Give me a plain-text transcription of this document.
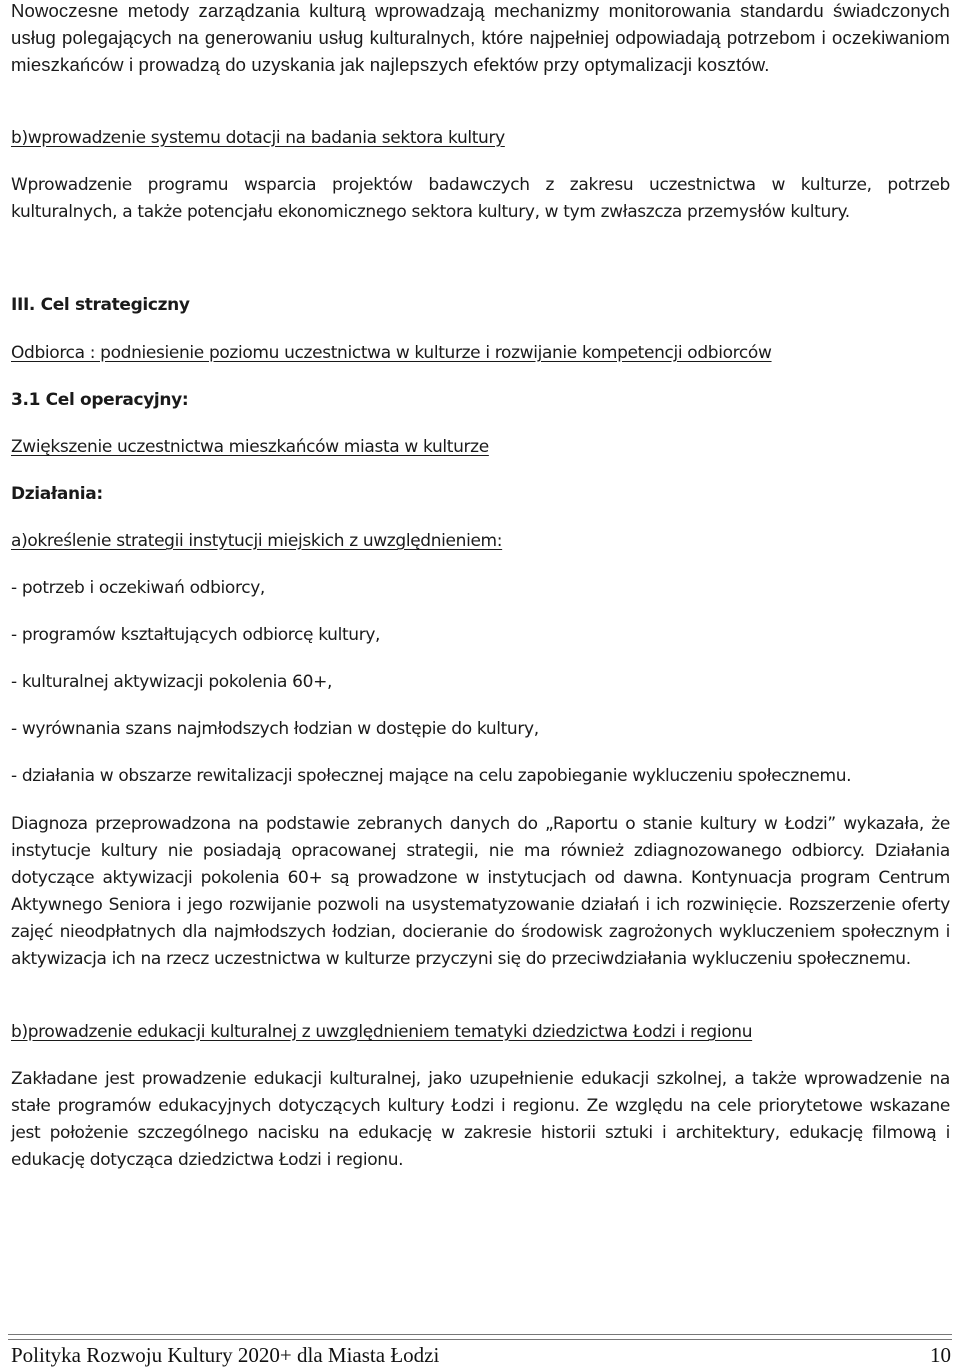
Nowoczesne metody zarządzania kulturą wprowadzają mechanizmy monitorowania standardu świadczonych usług polegających na generowaniu usług kulturalnych, które najpełniej odpowiadają potrzebom i oczekiwaniom mieszkańców i prowadzą do uzyskania jak najlepszych efektów przy optymalizacji kosztów.

b)wprowadzenie systemu dotacji na badania sektora kultury

Wprowadzenie programu wsparcia projektów badawczych z zakresu uczestnictwa w kulturze, potrzeb kulturalnych, a także potencjału ekonomicznego sektora kultury, w tym zwłaszcza przemysłów kultury.

III. Cel strategiczny

Odbiorca : podniesienie poziomu uczestnictwa w kulturze i rozwijanie kompetencji odbiorców

3.1 Cel operacyjny:

Zwiększenie uczestnictwa mieszkańców miasta w kulturze

Działania:

a)określenie strategii instytucji miejskich z uwzględnieniem:

- potrzeb i oczekiwań odbiorcy,

- programów kształtujących odbiorcę kultury,

- kulturalnej aktywizacji pokolenia 60+,

- wyrównania szans najmłodszych łodzian w dostępie do kultury,

- działania w obszarze rewitalizacji społecznej mające na celu zapobieganie wykluczeniu społecznemu.

Diagnoza przeprowadzona na podstawie zebranych danych do „Raportu o stanie kultury w Łodzi” wykazała, że instytucje kultury nie posiadają opracowanej strategii, nie ma również zdiagnozowanego odbiorcy. Działania dotyczące aktywizacji pokolenia 60+ są prowadzone w instytucjach od dawna. Kontynuacja program Centrum Aktywnego Seniora i jego rozwijanie pozwoli na usystematyzowanie działań i ich rozwinięcie. Rozszerzenie oferty zajęć nieodpłatnych dla najmłodszych łodzian, docieranie do środowisk zagrożonych wykluczeniem społecznym i aktywizacja ich na rzecz uczestnictwa w kulturze przyczyni się do przeciwdziałania wykluczeniu społecznemu.

b)prowadzenie edukacji kulturalnej z uwzględnieniem tematyki dziedzictwa Łodzi i regionu

Zakładane jest prowadzenie edukacji kulturalnej, jako uzupełnienie edukacji szkolnej, a także wprowadzenie na stałe programów edukacyjnych dotyczących kultury Łodzi i regionu. Ze względu na cele priorytetowe wskazane jest położenie szczególnego nacisku na edukację w zakresie historii sztuki i architektury, edukację filmową i edukację dotycząca dziedzictwa Łodzi i regionu.

Polityka Rozwoju Kultury 2020+ dla Miasta Łodzi	10
